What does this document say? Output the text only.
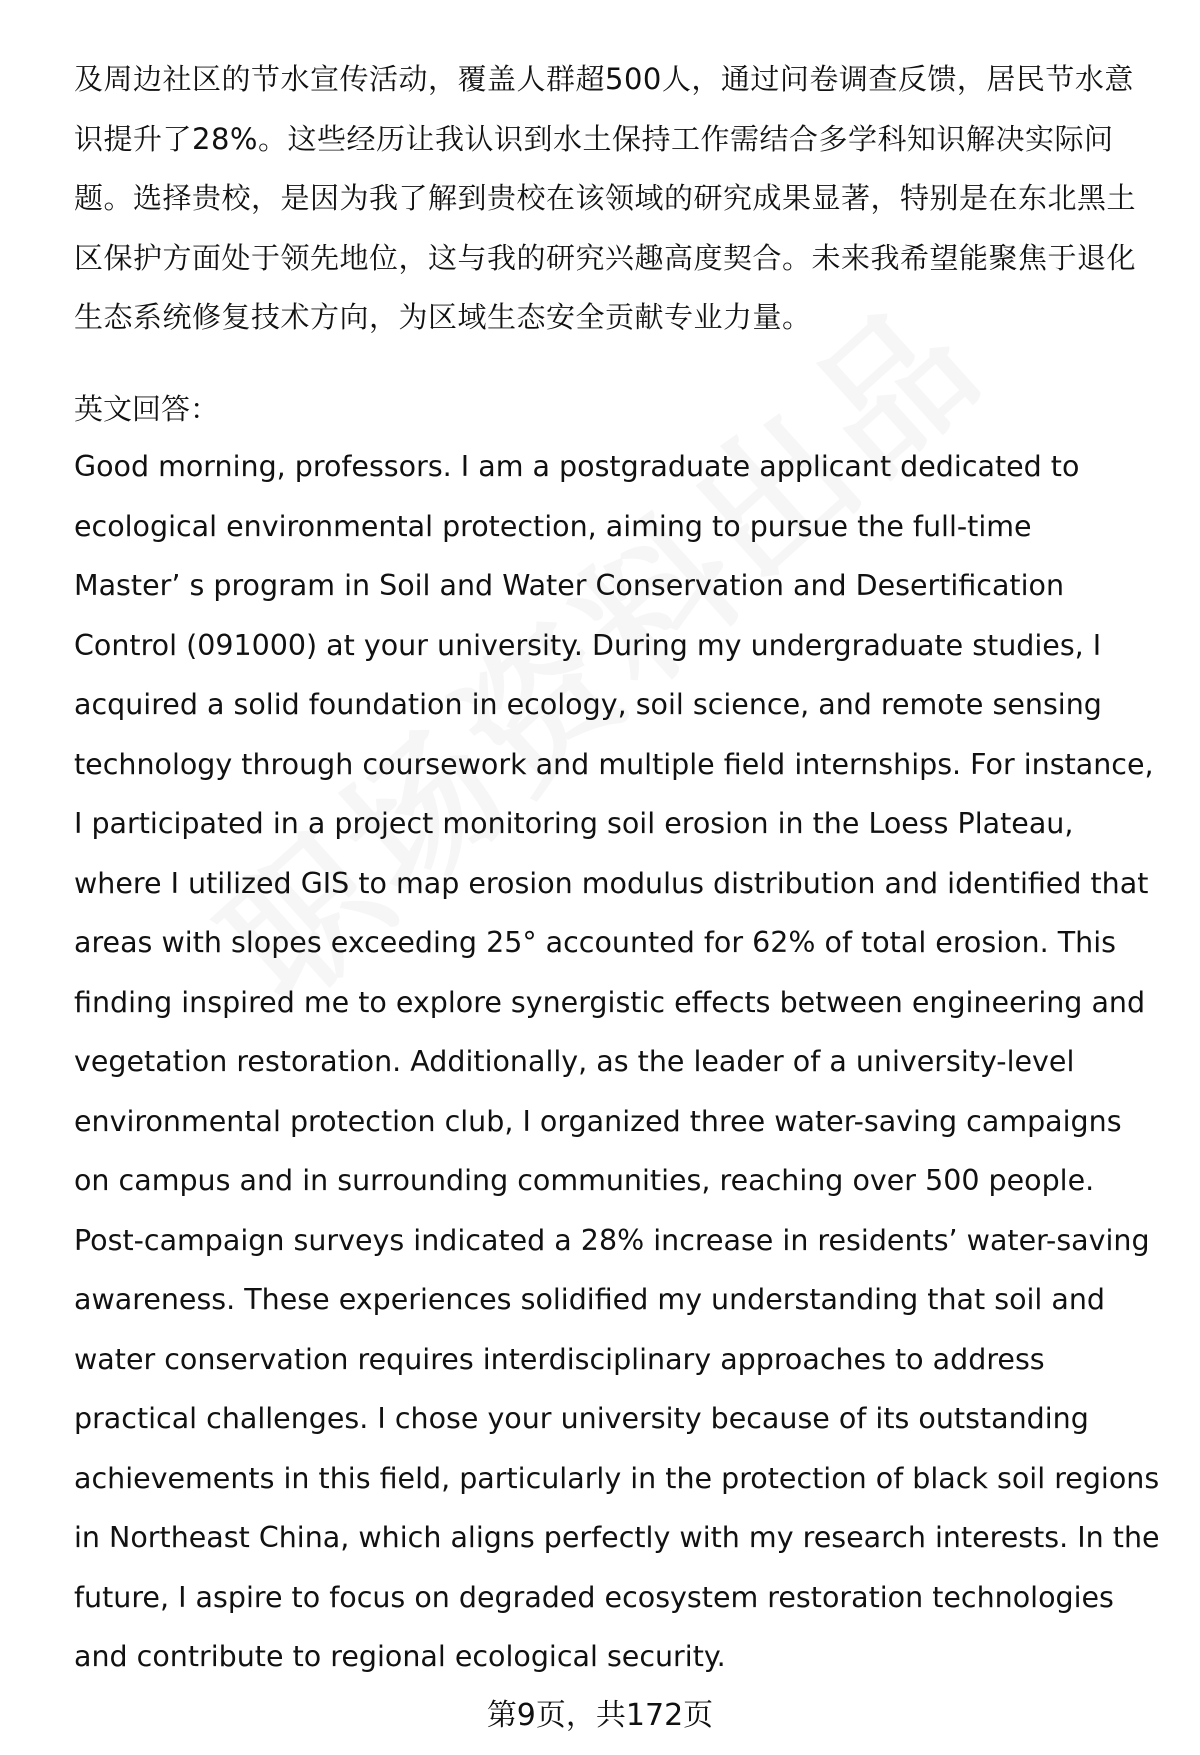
及周边社区的节水宣传活动，覆盖人群超500人，通过问卷调查反馈，居民节水意
识提升了28%。这些经历让我认识到水土保持工作需结合多学科知识解决实际问
题。选择贵校，是因为我了解到贵校在该领域的研究成果显著，特别是在东北黑土
区保护方面处于领先地位，这与我的研究兴趣高度契合。未来我希望能聚焦于退化
生态系统修复技术方向，为区域生态安全贡献专业力量。
英文回答：
Good morning, professors. I am a postgraduate applicant dedicated to
ecological environmental protection, aiming to pursue the full-time
Master’ s program in Soil and Water Conservation and Desertification
Control (091000) at your university. During my undergraduate studies, I
acquired a solid foundation in ecology, soil science, and remote sensing
technology through coursework and multiple field internships. For instance,
I participated in a project monitoring soil erosion in the Loess Plateau,
where I utilized GIS to map erosion modulus distribution and identified that
areas with slopes exceeding 25° accounted for 62% of total erosion. This
finding inspired me to explore synergistic effects between engineering and
vegetation restoration. Additionally, as the leader of a university-level
environmental protection club, I organized three water-saving campaigns
on campus and in surrounding communities, reaching over 500 people.
Post-campaign surveys indicated a 28% increase in residents’ water-saving
awareness. These experiences solidified my understanding that soil and
water conservation requires interdisciplinary approaches to address
practical challenges. I chose your university because of its outstanding
achievements in this field, particularly in the protection of black soil regions
in Northeast China, which aligns perfectly with my research interests. In the
future, I aspire to focus on degraded ecosystem restoration technologies
and contribute to regional ecological security.
第9页，共172页
